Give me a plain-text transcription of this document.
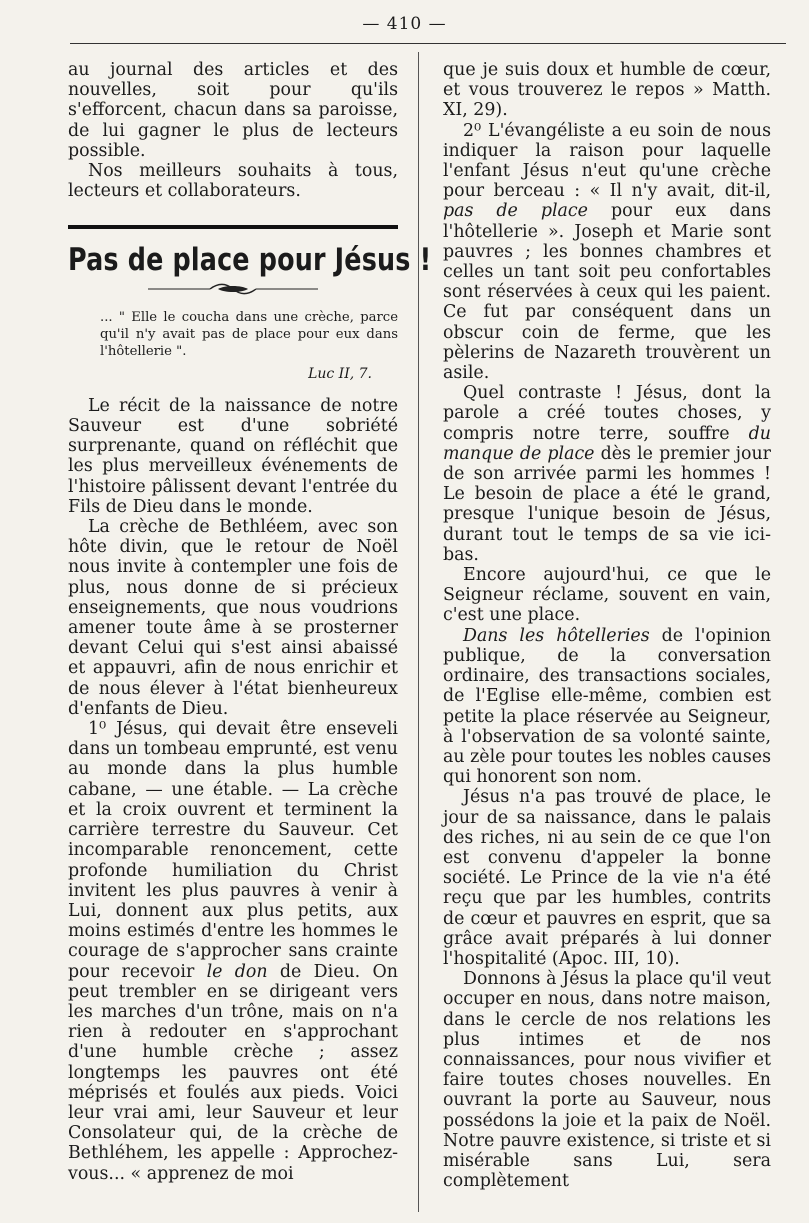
— 410 —

au journal des articles et des nouvelles, soit pour qu'ils s'efforcent, chacun dans sa paroisse, de lui gagner le plus de lecteurs possible.

Nos meilleurs souhaits à tous, lecteurs et collaborateurs.

Pas de place pour Jésus !
... " Elle le coucha dans une crèche, parce qu'il n'y avait pas de place pour eux dans l'hôtellerie ".
Luc II, 7.

Le récit de la naissance de notre Sauveur est d'une sobriété surprenante, quand on réfléchit que les plus merveilleux événements de l'histoire pâlissent devant l'entrée du Fils de Dieu dans le monde.

La crèche de Bethléem, avec son hôte divin, que le retour de Noël nous invite à contempler une fois de plus, nous donne de si précieux enseignements, que nous voudrions amener toute âme à se prosterner devant Celui qui s'est ainsi abaissé et appauvri, afin de nous enrichir et de nous élever à l'état bienheureux d'enfants de Dieu.

1⁰ Jésus, qui devait être enseveli dans un tombeau emprunté, est venu au monde dans la plus humble cabane, — une étable. — La crèche et la croix ouvrent et terminent la carrière terrestre du Sauveur. Cet incomparable renoncement, cette profonde humiliation du Christ invitent les plus pauvres à venir à Lui, donnent aux plus petits, aux moins estimés d'entre les hommes le courage de s'approcher sans crainte pour recevoir le don de Dieu. On peut trembler en se dirigeant vers les marches d'un trône, mais on n'a rien à redouter en s'approchant d'une humble crèche ; assez longtemps les pauvres ont été méprisés et foulés aux pieds. Voici leur vrai ami, leur Sauveur et leur Consolateur qui, de la crèche de Bethléhem, les appelle : Approchez-vous... « apprenez de moi

que je suis doux et humble de cœur, et vous trouverez le repos » Matth. XI, 29).

2⁰ L'évangéliste a eu soin de nous indiquer la raison pour laquelle l'enfant Jésus n'eut qu'une crèche pour berceau : « Il n'y avait, dit-il, pas de place pour eux dans l'hôtellerie ». Joseph et Marie sont pauvres ; les bonnes chambres et celles un tant soit peu confortables sont réservées à ceux qui les paient. Ce fut par conséquent dans un obscur coin de ferme, que les pèlerins de Nazareth trouvèrent un asile.

Quel contraste ! Jésus, dont la parole a créé toutes choses, y compris notre terre, souffre du manque de place dès le premier jour de son arrivée parmi les hommes ! Le besoin de place a été le grand, presque l'unique besoin de Jésus, durant tout le temps de sa vie ici-bas.

Encore aujourd'hui, ce que le Seigneur réclame, souvent en vain, c'est une place.

Dans les hôtelleries de l'opinion publique, de la conversation ordinaire, des transactions sociales, de l'Eglise elle-même, combien est petite la place réservée au Seigneur, à l'observation de sa volonté sainte, au zèle pour toutes les nobles causes qui honorent son nom.

Jésus n'a pas trouvé de place, le jour de sa naissance, dans le palais des riches, ni au sein de ce que l'on est convenu d'appeler la bonne société. Le Prince de la vie n'a été reçu que par les humbles, contrits de cœur et pauvres en esprit, que sa grâce avait préparés à lui donner l'hospitalité (Apoc. III, 10).

Donnons à Jésus la place qu'il veut occuper en nous, dans notre maison, dans le cercle de nos relations les plus intimes et de nos connaissances, pour nous vivifier et faire toutes choses nouvelles. En ouvrant la porte au Sauveur, nous possédons la joie et la paix de Noël. Notre pauvre existence, si triste et si misérable sans Lui, sera complètement
